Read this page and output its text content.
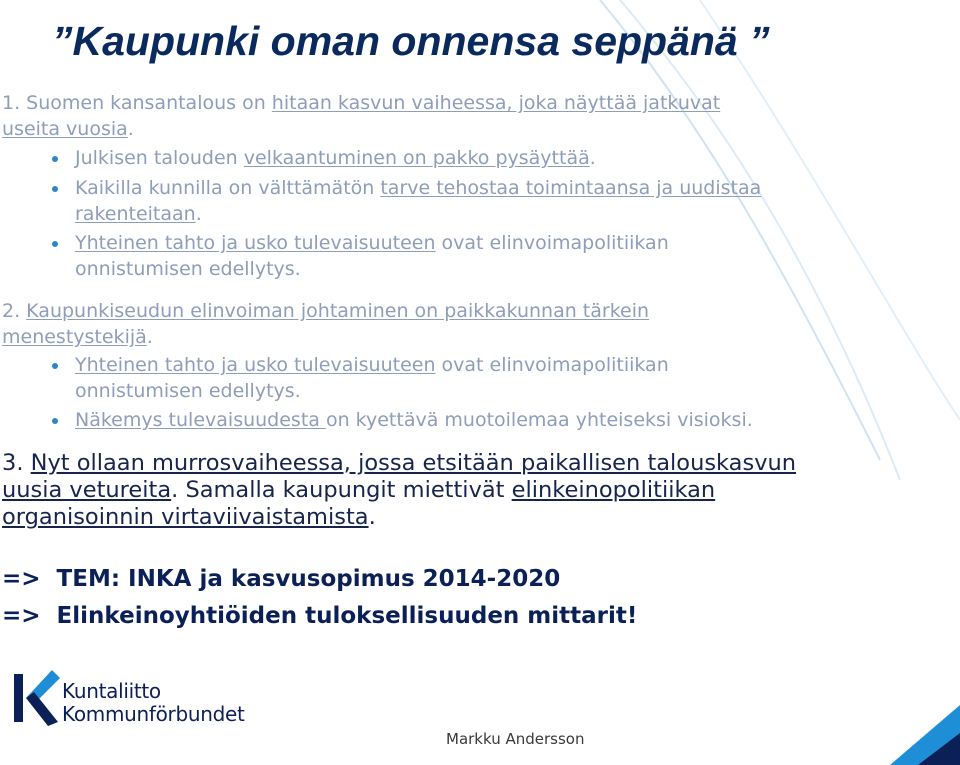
”Kaupunki oman onnensa seppänä ”
1. Suomen kansantalous on hitaan kasvun vaiheessa, joka näyttää jatkuvat
useita vuosia.
Julkisen talouden velkaantuminen on pakko pysäyttää.
Kaikilla kunnilla on välttämätön tarve tehostaa toimintaansa ja uudistaa
rakenteitaan.
Yhteinen tahto ja usko tulevaisuuteen ovat elinvoimapolitiikan
onnistumisen edellytys.
2. Kaupunkiseudun elinvoiman johtaminen on paikkakunnan tärkein
menestystekijä.
Yhteinen tahto ja usko tulevaisuuteen ovat elinvoimapolitiikan
onnistumisen edellytys.
Näkemys tulevaisuudesta on kyettävä muotoilemaa yhteiseksi visioksi.
3. Nyt ollaan murrosvaiheessa, jossa etsitään paikallisen talouskasvun
uusia vetureita. Samalla kaupungit miettivät elinkeinopolitiikan
organisoinnin virtaviivaistamista.
=>  TEM: INKA ja kasvusopimus 2014-2020
=>  Elinkeinoyhtiöiden tuloksellisuuden mittarit!
Kuntaliitto
Kommunförbundet
Markku Andersson
